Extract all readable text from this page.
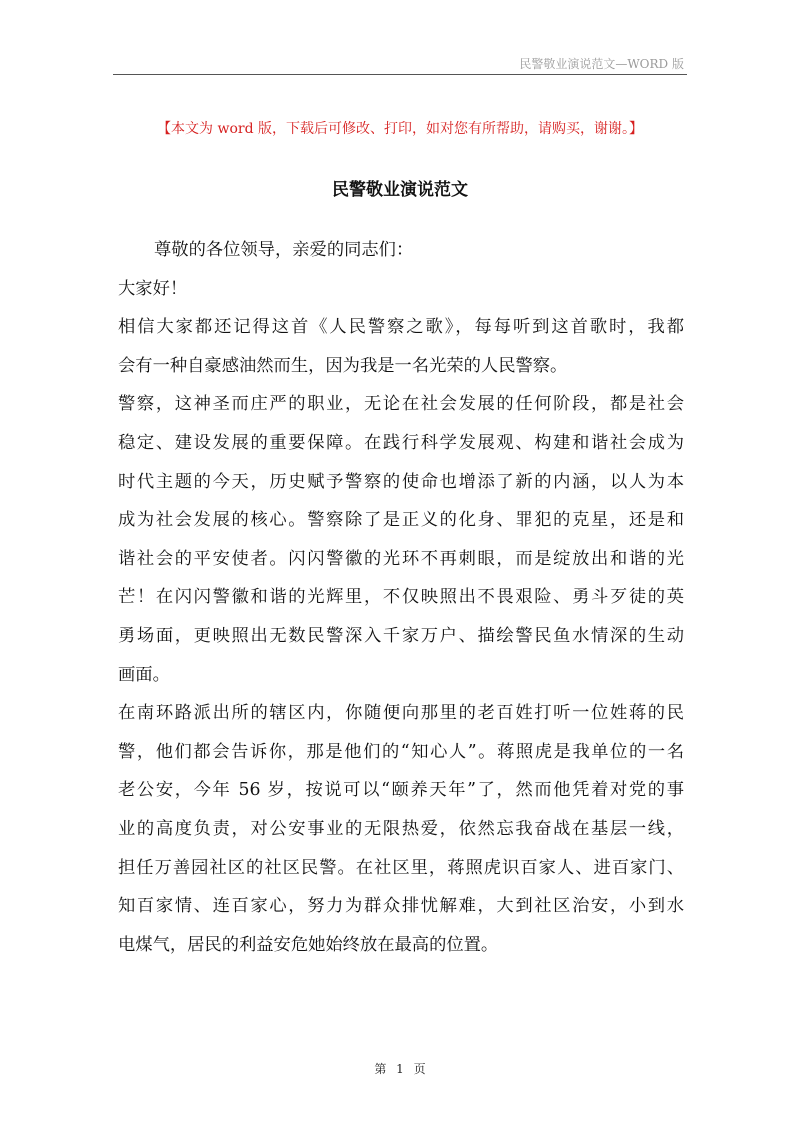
民警敬业演说范文—WORD 版
【本文为 word 版，下载后可修改、打印，如对您有所帮助，请购买，谢谢。】
民警敬业演说范文
尊敬的各位领导，亲爱的同志们：
大家好！
相信大家都还记得这首《人民警察之歌》，每每听到这首歌时，我都
会有一种自豪感油然而生，因为我是一名光荣的人民警察。
警察，这神圣而庄严的职业，无论在社会发展的任何阶段，都是社会
稳定、建设发展的重要保障。在践行科学发展观、构建和谐社会成为
时代主题的今天，历史赋予警察的使命也增添了新的内涵，以人为本
成为社会发展的核心。警察除了是正义的化身、罪犯的克星，还是和
谐社会的平安使者。闪闪警徽的光环不再刺眼，而是绽放出和谐的光
芒！在闪闪警徽和谐的光辉里，不仅映照出不畏艰险、勇斗歹徒的英
勇场面，更映照出无数民警深入千家万户、描绘警民鱼水情深的生动
画面。
在南环路派出所的辖区内，你随便向那里的老百姓打听一位姓蒋的民
警，他们都会告诉你，那是他们的“知心人”。蒋照虎是我单位的一名
老公安，今年 56 岁，按说可以“颐养天年”了，然而他凭着对党的事
业的高度负责，对公安事业的无限热爱，依然忘我奋战在基层一线，
担任万善园社区的社区民警。在社区里，蒋照虎识百家人、进百家门、
知百家情、连百家心，努力为群众排忧解难，大到社区治安，小到水
电煤气，居民的利益安危她始终放在最高的位置。
第 1 页
